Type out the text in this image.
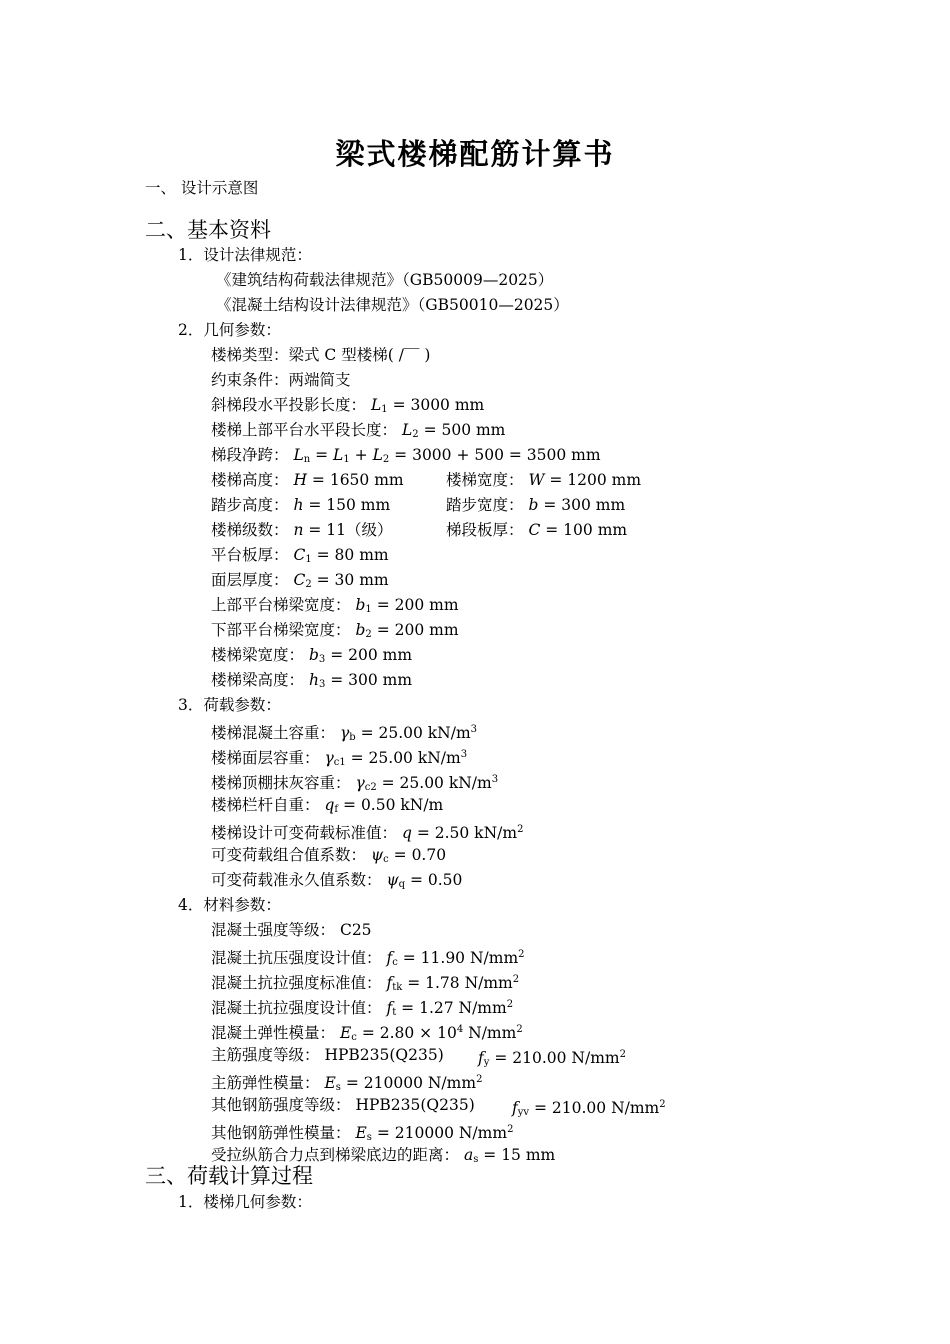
梁式楼梯配筋计算书
一、 设计示意图
二、基本资料
1．设计法律规范：
《建筑结构荷载法律规范》（GB50009—2025）
《混凝土结构设计法律规范》（GB50010—2025）
2．几何参数：
楼梯类型：梁式 C 型楼梯( /‾‾ )
约束条件：两端简支
斜梯段水平投影长度： $L_1 = 3000$ mm
楼梯上部平台水平段长度： $L_2 = 500$ mm
梯段净跨： $L_n = L_1 + L_2 = 3000 + 500 = 3500$ mm
楼梯高度： H = 1650 mm	楼梯宽度： W = 1200 mm
踏步高度： h = 150 mm	踏步宽度： b = 300 mm
楼梯级数： n = 11（级）	梯段板厚： C = 100 mm
平台板厚： $C_1 = 80$ mm
面层厚度： $C_2 = 30$ mm
上部平台梯梁宽度： $b_1 = 200$ mm
下部平台梯梁宽度： $b_2 = 200$ mm
楼梯梁宽度： $b_3 = 200$ mm
楼梯梁高度： $h_3 = 300$ mm
3．荷载参数：
楼梯混凝土容重： $\gamma_b = 25.00$ $kN/m^3$
楼梯面层容重： $\gamma_{c1} = 25.00$ $kN/m^3$
楼梯顶棚抹灰容重： $\gamma_{c2} = 25.00$ $kN/m^3$
楼梯栏杆自重： $q_f = 0.50$ kN/m
楼梯设计可变荷载标准值： q = 2.50 $kN/m^2$
可变荷载组合值系数： $\psi_c = 0.70$
可变荷载准永久值系数： $\psi_q = 0.50$
4．材料参数：
混凝土强度等级： C25
混凝土抗压强度设计值： $f_c = 11.90$ $N/mm^2$
混凝土抗拉强度标准值： $f_{tk} = 1.78$ $N/mm^2$
混凝土抗拉强度设计值： $f_t = 1.27$ $N/mm^2$
混凝土弹性模量： $E_c = 2.80 \times 10^4$ $N/mm^2$
主筋强度等级： HPB235(Q235) $f_y = 210.00$ $N/mm^2$
主筋弹性模量： $E_s = 210000$ $N/mm^2$
其他钢筋强度等级： HPB235(Q235) $f_{yv} = 210.00$ $N/mm^2$
其他钢筋弹性模量： $E_s = 210000$ $N/mm^2$
受拉纵筋合力点到梯梁底边的距离： $a_s = 15$ mm
三、荷载计算过程
1．楼梯几何参数：
